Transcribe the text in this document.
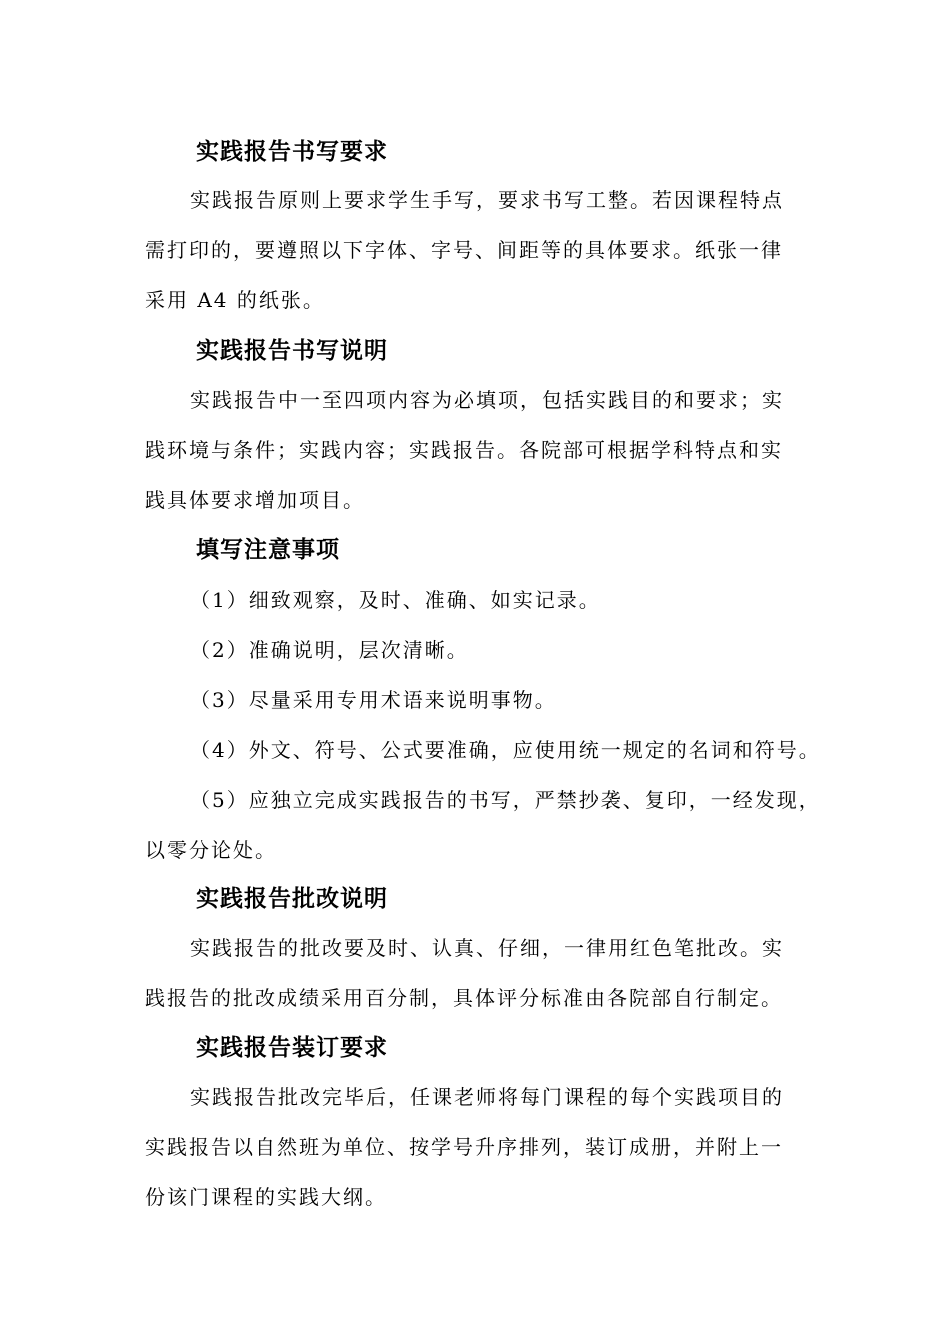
实践报告书写要求
实践报告原则上要求学生手写，要求书写工整。若因课程特点
需打印的，要遵照以下字体、字号、间距等的具体要求。纸张一律
采用 A4 的纸张。
实践报告书写说明
实践报告中一至四项内容为必填项，包括实践目的和要求；实
践环境与条件；实践内容；实践报告。各院部可根据学科特点和实
践具体要求增加项目。
填写注意事项
（1）细致观察，及时、准确、如实记录。
（2）准确说明，层次清晰。
（3）尽量采用专用术语来说明事物。
（4）外文、符号、公式要准确，应使用统一规定的名词和符号。
（5）应独立完成实践报告的书写，严禁抄袭、复印，一经发现，
以零分论处。
实践报告批改说明
实践报告的批改要及时、认真、仔细，一律用红色笔批改。实
践报告的批改成绩采用百分制，具体评分标准由各院部自行制定。
实践报告装订要求
实践报告批改完毕后，任课老师将每门课程的每个实践项目的
实践报告以自然班为单位、按学号升序排列，装订成册，并附上一
份该门课程的实践大纲。
